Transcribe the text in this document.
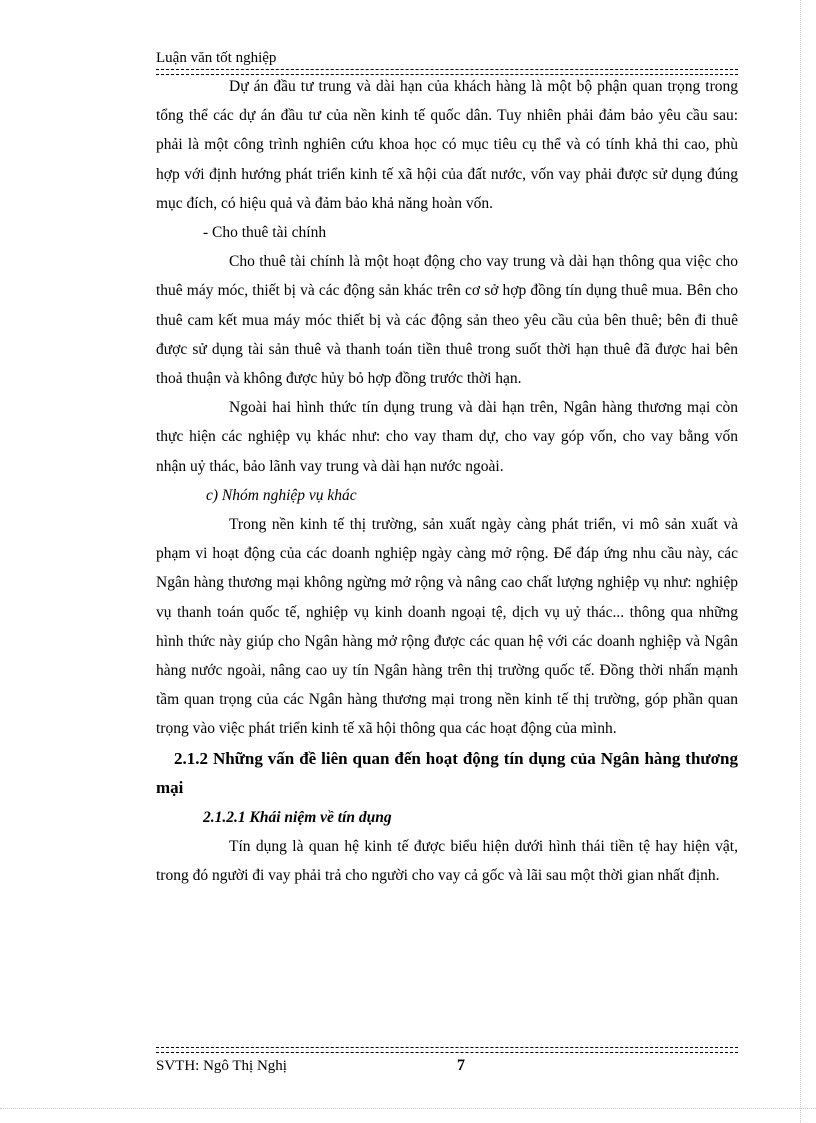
Luận văn tốt nghiệp

Dự án đầu tư trung và dài hạn của khách hàng là một bộ phận quan trọng trong tổng thể các dự án đầu tư của nền kinh tế quốc dân. Tuy nhiên phải đảm bảo yêu cầu sau: phải là một công trình nghiên cứu khoa học có mục tiêu cụ thể và có tính khả thi cao, phù hợp với định hướng phát triển kinh tế xã hội của đất nước, vốn vay phải được sử dụng đúng mục đích, có hiệu quả và đảm bảo khả năng hoàn vốn.

- Cho thuê tài chính

Cho thuê tài chính là một hoạt động cho vay trung và dài hạn thông qua việc cho thuê máy móc, thiết bị và các động sản khác trên cơ sở hợp đồng tín dụng thuê mua. Bên cho thuê cam kết mua máy móc thiết bị và các động sản theo yêu cầu của bên thuê; bên đi thuê được sử dụng tài sản thuê và thanh toán tiền thuê trong suốt thời hạn thuê đã được hai bên thoả thuận và không được hủy bỏ hợp đồng trước thời hạn.

Ngoài hai hình thức tín dụng trung và dài hạn trên, Ngân hàng thương mại còn thực hiện các nghiệp vụ khác như: cho vay tham dự, cho vay góp vốn, cho vay bằng vốn nhận uỷ thác, bảo lãnh vay trung và dài hạn nước ngoài.

c) Nhóm nghiệp vụ khác

Trong nền kinh tế thị trường, sản xuất ngày càng phát triển, vi mô sản xuất và phạm vi hoạt động của các doanh nghiệp ngày càng mở rộng. Để đáp ứng nhu cầu này, các Ngân hàng thương mại không ngừng mở rộng và nâng cao chất lượng nghiệp vụ như: nghiệp vụ thanh toán quốc tế, nghiệp vụ kinh doanh ngoại tệ, dịch vụ uỷ thác... thông qua những hình thức này giúp cho Ngân hàng mở rộng được các quan hệ với các doanh nghiệp và Ngân hàng nước ngoài, nâng cao uy tín Ngân hàng trên thị trường quốc tế. Đồng thời nhấn mạnh tầm quan trọng của các Ngân hàng thương mại trong nền kinh tế thị trường, góp phần quan trọng vào việc phát triển kinh tế xã hội thông qua các hoạt động của mình.

2.1.2 Những vấn đề liên quan đến hoạt động tín dụng của Ngân hàng thương mại

2.1.2.1 Khái niệm về tín dụng

Tín dụng là quan hệ kinh tế được biểu hiện dưới hình thái tiền tệ hay hiện vật, trong đó người đi vay phải trả cho người cho vay cả gốc và lãi sau một thời gian nhất định.

SVTH: Ngô Thị Nghị	7
